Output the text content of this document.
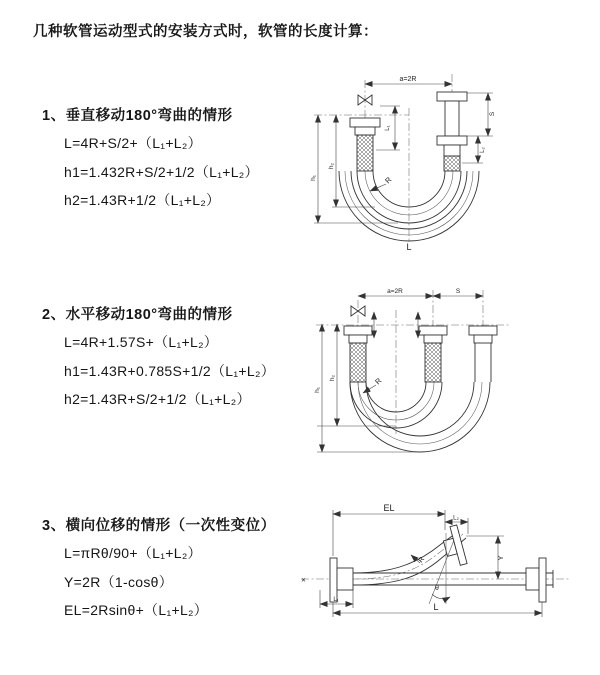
几种软管运动型式的安装方式时，软管的长度计算：
1、垂直移动180°弯曲的情形
L=4R+S/2+（L₁+L₂）
h1=1.432R+S/2+1/2（L₁+L₂）
h2=1.43R+1/2（L₁+L₂）
2、水平移动180°弯曲的情形
L=4R+1.57S+（L₁+L₂）
h1=1.43R+0.785S+1/2（L₁+L₂）
h2=1.43R+S/2+1/2（L₁+L₂）
3、横向位移的情形（一次性变位）
L=πRθ/90+（L₁+L₂）
Y=2R（1-cosθ）
EL=2Rsinθ+（L₁+L₂）
a=2R
h₁
h₂
L₁
S
L₂
R
L
a=2R	S
h₁
h₂	R
✕
θ
R
EL
L₂
Y
L
L₁
